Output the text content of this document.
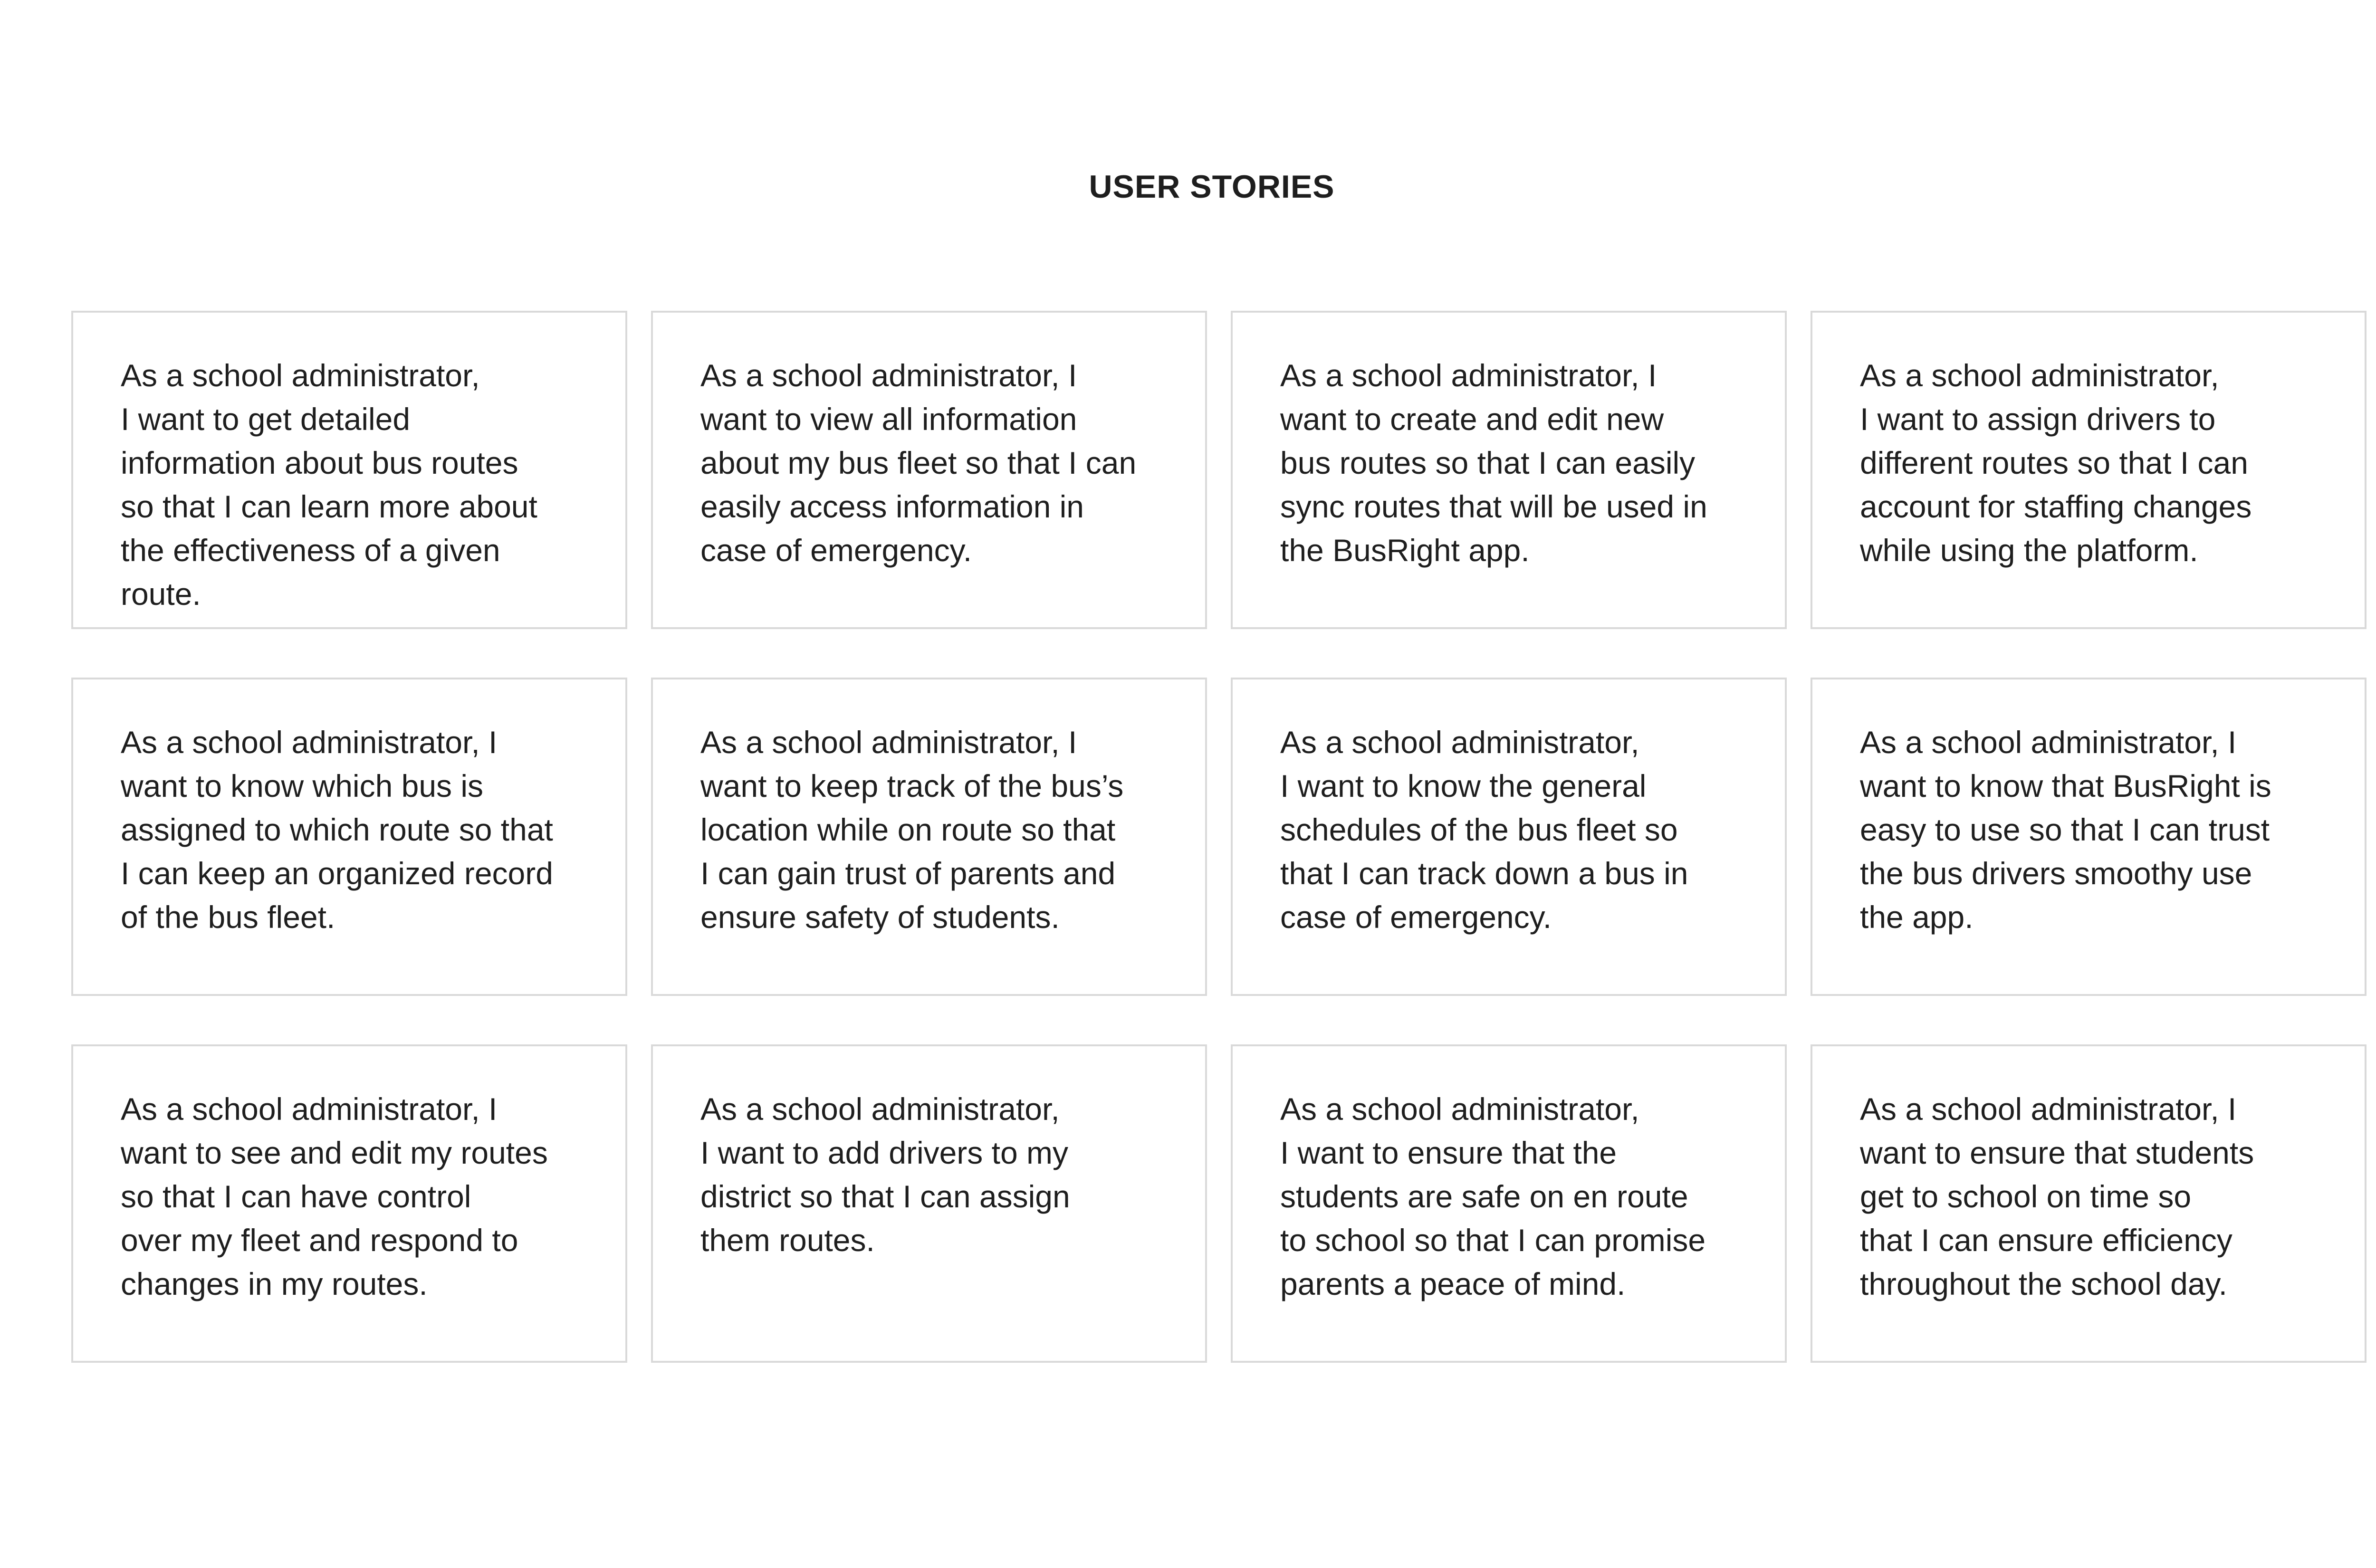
USER STORIES

As a school administrator,
I want to get detailed
information about bus routes
so that I can learn more about
the effectiveness of a given
route.

As a school administrator, I
want to view all information
about my bus fleet so that I can
easily access information in
case of emergency.

As a school administrator, I
want to create and edit new
bus routes so that I can easily
sync routes that will be used in
the BusRight app.

As a school administrator,
I want to assign drivers to
different routes so that I can
account for staffing changes
while using the platform.

As a school administrator, I
want to know which bus is
assigned to which route so that
I can keep an organized record
of the bus fleet.

As a school administrator, I
want to keep track of the bus’s
location while on route so that
I can gain trust of parents and
ensure safety of students.

As a school administrator,
I want to know the general
schedules of the bus fleet so
that I can track down a bus in
case of emergency.

As a school administrator, I
want to know that BusRight is
easy to use so that I can trust
the bus drivers smoothy use
the app.

As a school administrator, I
want to see and edit my routes
so that I can have control
over my fleet and respond to
changes in my routes.

As a school administrator,
I want to add drivers to my
district so that I can assign
them routes.

As a school administrator,
I want to ensure that the
students are safe on en route
to school so that I can promise
parents a peace of mind.

As a school administrator, I
want to ensure that students
get to school on time so
that I can ensure efficiency
throughout the school day.
